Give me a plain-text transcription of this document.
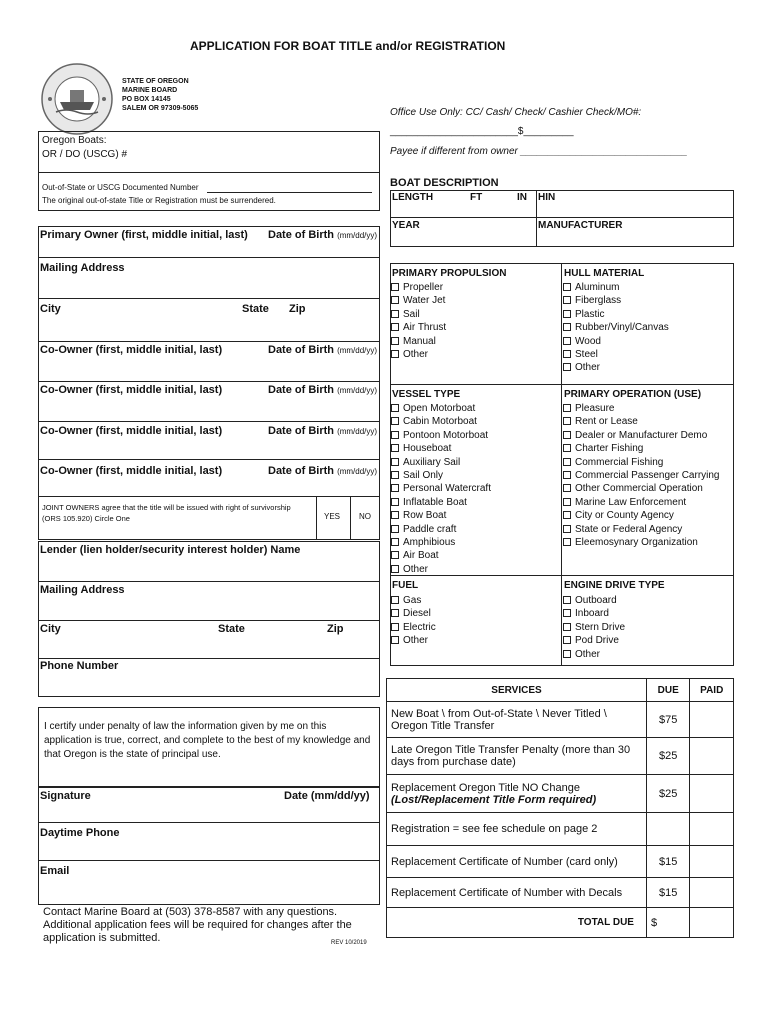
APPLICATION FOR BOAT TITLE and/or REGISTRATION
STATE OF OREGON
MARINE BOARD
PO BOX 14145
SALEM OR 97309-5065	Office Use Only: CC/ Cash/ Check/ Cashier Check/MO#:
_______________________$_________
Payee if different from owner ______________________________
Oregon Boats:
OR / DO (USCG) #
Out-of-State or USCG Documented Number
The original out-of-state Title or Registration must be surrendered.
Primary Owner (first, middle initial, last) Date of Birth (mm/dd/yy)
Mailing Address
City	State Zip
Co-Owner (first, middle initial, last)	Date of Birth (mm/dd/yy)
Co-Owner (first, middle initial, last)	Date of Birth (mm/dd/yy)
Co-Owner (first, middle initial, last)	Date of Birth (mm/dd/yy)
Co-Owner (first, middle initial, last)	Date of Birth (mm/dd/yy)
JOINT OWNERS agree that the title will be issued with right of survivorship (ORS 105.920) Circle One	YES NO
Lender (lien holder/security interest holder) Name
Mailing Address
City	State	Zip
Phone Number
I certify under penalty of law the information given by me on this application is true, correct, and complete to the best of my knowledge and that Oregon is the state of principal use.
Signature	Date (mm/dd/yy)
Daytime Phone
Email
Contact Marine Board at (503) 378-8587 with any questions. Additional application fees will be required for changes after the application is submitted.	REV 10/2019
BOAT DESCRIPTION
LENGTH	FT	IN HIN
YEAR	MANUFACTURER
PRIMARY PROPULSION
Propeller
Water Jet
Sail
Air Thrust
Manual
Other
HULL MATERIAL
Aluminum
Fiberglass
Plastic
Rubber/Vinyl/Canvas
Wood
Steel
Other
VESSEL TYPE
Open Motorboat
Cabin Motorboat
Pontoon Motorboat
Houseboat
Auxiliary Sail
Sail Only
Personal Watercraft
Inflatable Boat
Row Boat
Paddle craft
Amphibious
Air Boat
Other
PRIMARY OPERATION (USE)
Pleasure
Rent or Lease
Dealer or Manufacturer Demo
Charter Fishing
Commercial Fishing
Commercial Passenger Carrying
Other Commercial Operation
Marine Law Enforcement
City or County Agency
State or Federal Agency
Eleemosynary Organization
FUEL
Gas
Diesel
Electric
Other
ENGINE DRIVE TYPE
Outboard
Inboard
Stern Drive
Pod Drive
Other
SERVICES	DUE	PAID
New Boat \ from Out-of-State \ Never Titled \ Oregon Title Transfer	$75	
Late Oregon Title Transfer Penalty (more than 30 days from purchase date)	$25	

Replacement Oregon Title NO Change
(Lost/Replacement Title Form required)	$25	
Registration = see fee schedule on page 2		
Replacement Certificate of Number (card only)	$15	
Replacement Certificate of Number with Decals	$15	
TOTAL DUE	$	
